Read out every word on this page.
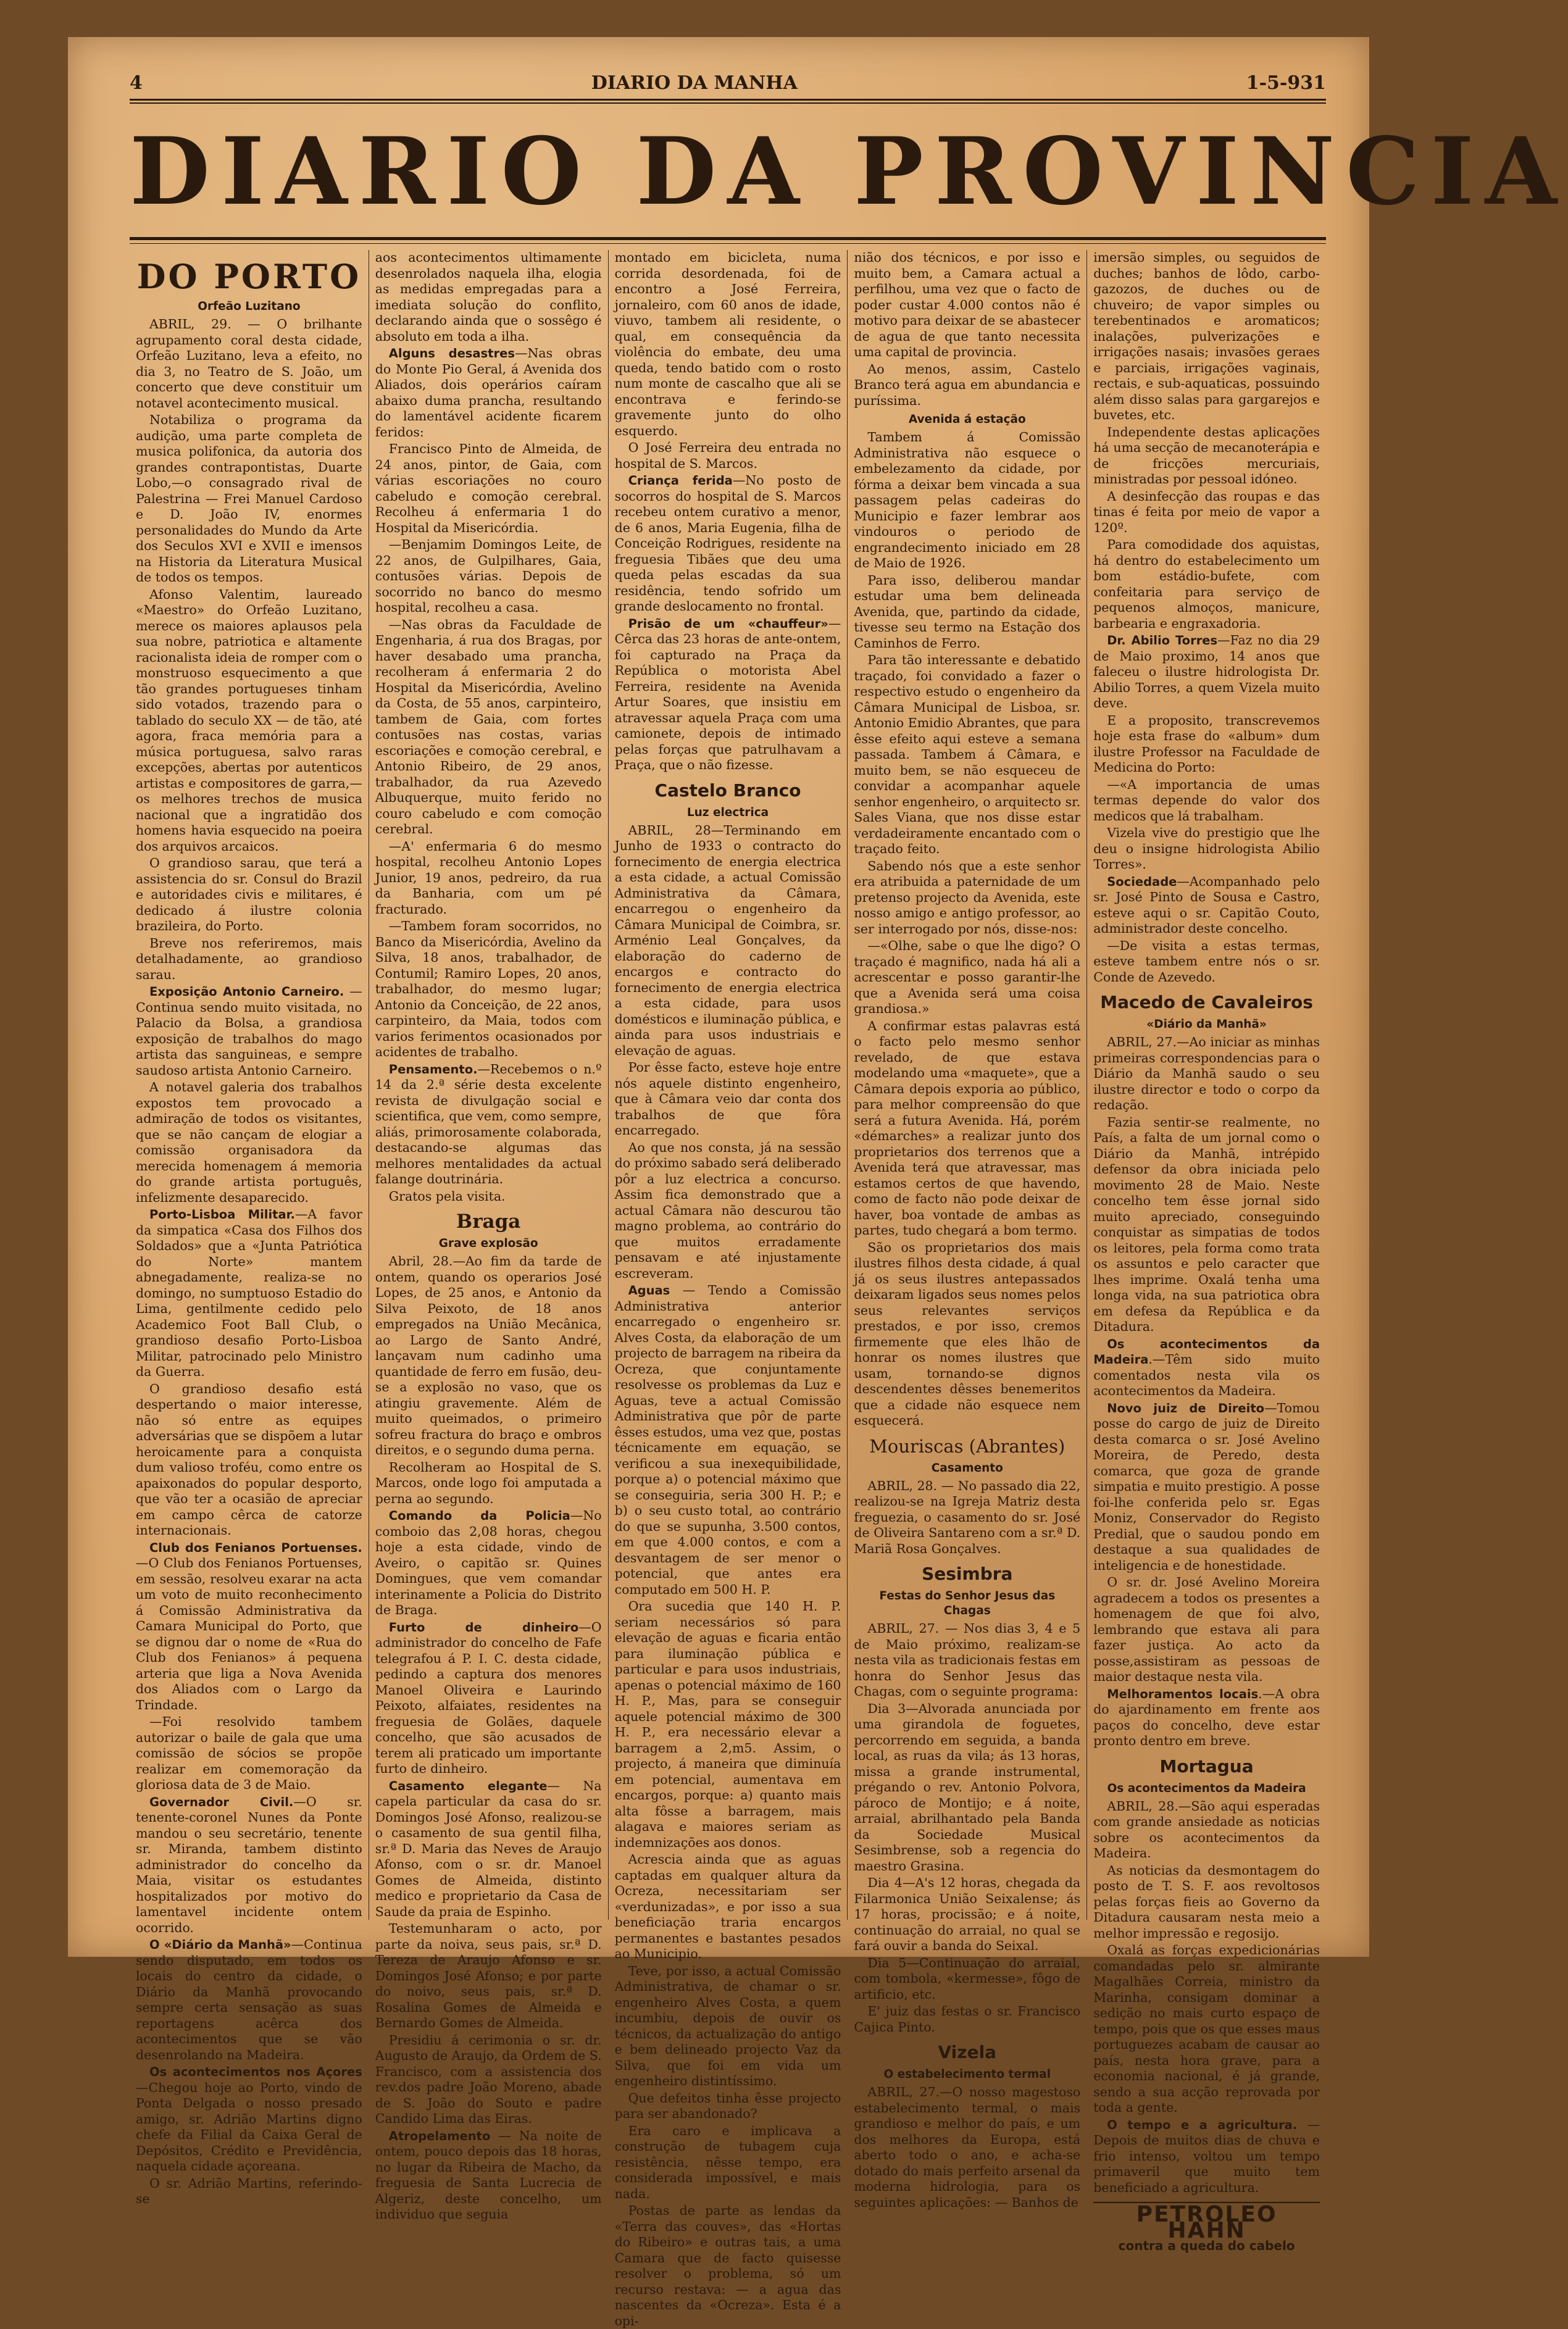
4	DIARIO DA MANHA	1-5-931
DIARIO DA PROVINCIA
DO PORTO
Orfeão Luzitano

ABRIL, 29. — O brilhante agrupamento coral desta cidade, Orfeão Luzitano, leva a efeito, no dia 3, no Teatro de S. João, um concerto que deve constituir um notavel acontecimento musical.

Notabiliza o programa da audição, uma parte completa de musica polifonica, da autoria dos grandes contrapontistas, Duarte Lobo,—o consagrado rival de Palestrina — Frei Manuel Cardoso e D. João IV, enormes personalidades do Mundo da Arte dos Seculos XVI e XVII e imensos na Historia da Literatura Musical de todos os tempos.

Afonso Valentim, laureado «Maestro» do Orfeão Luzitano, merece os maiores aplausos pela sua nobre, patriotica e altamente racionalista ideia de romper com o monstruoso esquecimento a que tão grandes portugueses tinham sido votados, trazendo para o tablado do seculo XX — de tão, até agora, fraca memória para a música portuguesa, salvo raras excepções, abertas por autenticos artistas e compositores de garra,—os melhores trechos de musica nacional que a ingratidão dos homens havia esquecido na poeira dos arquivos arcaicos.

O grandioso sarau, que terá a assistencia do sr. Consul do Brazil e autoridades civis e militares, é dedicado á ilustre colonia brazileira, do Porto.

Breve nos referiremos, mais detalhadamente, ao grandioso sarau.

Exposição Antonio Carneiro. — Continua sendo muito visitada, no Palacio da Bolsa, a grandiosa exposição de trabalhos do mago artista das sanguineas, e sempre saudoso artista Antonio Carneiro.

A notavel galeria dos trabalhos expostos tem provocado a admiração de todos os visitantes, que se não cançam de elogiar a comissão organisadora da merecida homenagem á memoria do grande artista português, infelizmente desaparecido.

Porto-Lisboa Militar.—A favor da simpatica «Casa dos Filhos dos Soldados» que a «Junta Patriótica do Norte» mantem abnegadamente, realiza-se no domingo, no sumptuoso Estadio do Lima, gentilmente cedido pelo Academico Foot Ball Club, o grandioso desafio Porto-Lisboa Militar, patrocinado pelo Ministro da Guerra.

O grandioso desafio está despertando o maior interesse, não só entre as equipes adversárias que se dispõem a lutar heroicamente para a conquista dum valioso troféu, como entre os apaixonados do popular desporto, que vão ter a ocasião de apreciar em campo cêrca de catorze internacionais.

Club dos Fenianos Portuenses.—O Club dos Fenianos Portuenses, em sessão, resolveu exarar na acta um voto de muito reconhecimento á Comissão Administrativa da Camara Municipal do Porto, que se dignou dar o nome de «Rua do Club dos Fenianos» á pequena arteria que liga a Nova Avenida dos Aliados com o Largo da Trindade.

—Foi resolvido tambem autorizar o baile de gala que uma comissão de sócios se propõe realizar em comemoração da gloriosa data de 3 de Maio.

Governador Civil.—O sr. tenente-coronel Nunes da Ponte mandou o seu secretário, tenente sr. Miranda, tambem distinto administrador do concelho da Maia, visitar os estudantes hospitalizados por motivo do lamentavel incidente ontem ocorrido.

O «Diário da Manhã»—Continua sendo disputado, em todos os locais do centro da cidade, o Diário da Manhã provocando sempre certa sensação as suas reportagens acêrca dos acontecimentos que se vão desenrolando na Madeira.

Os acontecimentos nos Açores—Chegou hoje ao Porto, vindo de Ponta Delgada o nosso presado amigo, sr. Adrião Martins digno chefe da Filial da Caixa Geral de Depósitos, Crédito e Previdência, naquela cidade açoreana.

O sr. Adrião Martins, referindo-se

aos acontecimentos ultimamente desenrolados naquela ilha, elogia as medidas empregadas para a imediata solução do conflito, declarando ainda que o sossêgo é absoluto em toda a ilha.

Alguns desastres—Nas obras do Monte Pio Geral, á Avenida dos Aliados, dois operários caíram abaixo duma prancha, resultando do lamentável acidente ficarem feridos:

Francisco Pinto de Almeida, de 24 anos, pintor, de Gaia, com várias escoriações no couro cabeludo e comoção cerebral. Recolheu á enfermaria 1 do Hospital da Misericórdia.

—Benjamim Domingos Leite, de 22 anos, de Gulpilhares, Gaia, contusões várias. Depois de socorrido no banco do mesmo hospital, recolheu a casa.

—Nas obras da Faculdade de Engenharia, á rua dos Bragas, por haver desabado uma prancha, recolheram á enfermaria 2 do Hospital da Misericórdia, Avelino da Costa, de 55 anos, carpinteiro, tambem de Gaia, com fortes contusões nas costas, varias escoriações e comoção cerebral, e Antonio Ribeiro, de 29 anos, trabalhador, da rua Azevedo Albuquerque, muito ferido no couro cabeludo e com comoção cerebral.

—A' enfermaria 6 do mesmo hospital, recolheu Antonio Lopes Junior, 19 anos, pedreiro, da rua da Banharia, com um pé fracturado.

—Tambem foram socorridos, no Banco da Misericórdia, Avelino da Silva, 18 anos, trabalhador, de Contumil; Ramiro Lopes, 20 anos, trabalhador, do mesmo lugar; Antonio da Conceição, de 22 anos, carpinteiro, da Maia, todos com varios ferimentos ocasionados por acidentes de trabalho.

Pensamento.—Recebemos o n.º 14 da 2.ª série desta excelente revista de divulgação social e scientifica, que vem, como sempre, aliás, primorosamente colaborada, destacando-se algumas das melhores mentalidades da actual falange doutrinária.

Gratos pela visita.

Braga
Grave explosão

Abril, 28.—Ao fim da tarde de ontem, quando os operarios José Lopes, de 25 anos, e Antonio da Silva Peixoto, de 18 anos empregados na União Mecânica, ao Largo de Santo André, lançavam num cadinho uma quantidade de ferro em fusão, deu-se a explosão no vaso, que os atingiu gravemente. Além de muito queimados, o primeiro sofreu fractura do braço e ombros direitos, e o segundo duma perna.

Recolheram ao Hospital de S. Marcos, onde logo foi amputada a perna ao segundo.

Comando da Policia—No comboio das 2,08 horas, chegou hoje a esta cidade, vindo de Aveiro, o capitão sr. Quines Domingues, que vem comandar interinamente a Policia do Distrito de Braga.

Furto de dinheiro—O administrador do concelho de Fafe telegrafou á P. I. C. desta cidade, pedindo a captura dos menores Manoel Oliveira e Laurindo Peixoto, alfaiates, residentes na freguesia de Golães, daquele concelho, que são acusados de terem ali praticado um importante furto de dinheiro.

Casamento elegante— Na capela particular da casa do sr. Domingos José Afonso, realizou-se o casamento de sua gentil filha, sr.ª D. Maria das Neves de Araujo Afonso, com o sr. dr. Manoel Gomes de Almeida, distinto medico e proprietario da Casa de Saude da praia de Espinho.

Testemunharam o acto, por parte da noiva, seus pais, sr.ª D. Tereza de Araujo Afonso e sr. Domingos José Afonso; e por parte do noivo, seus pais, sr.ª D. Rosalina Gomes de Almeida e Bernardo Gomes de Almeida.

Presidiu á cerimonia o sr. dr. Augusto de Araujo, da Ordem de S. Francisco, com a assistencia dos rev.dos padre João Moreno, abade de S. João do Souto e padre Candido Lima das Eiras.

Atropelamento — Na noite de ontem, pouco depois das 18 horas, no lugar da Ribeira de Macho, da freguesia de Santa Lucrecia de Algeriz, deste concelho, um individuo que seguia

montado em bicicleta, numa corrida desordenada, foi de encontro a José Ferreira, jornaleiro, com 60 anos de idade, viuvo, tambem ali residente, o qual, em consequência da violência do embate, deu uma queda, tendo batido com o rosto num monte de cascalho que ali se encontrava e ferindo-se gravemente junto do olho esquerdo.

O José Ferreira deu entrada no hospital de S. Marcos.

Criança ferida—No posto de socorros do hospital de S. Marcos recebeu ontem curativo a menor, de 6 anos, Maria Eugenia, filha de Conceição Rodrigues, residente na freguesia Tibães que deu uma queda pelas escadas da sua residência, tendo sofrido um grande deslocamento no frontal.

Prisão de um «chauffeur»—Cêrca das 23 horas de ante-ontem, foi capturado na Praça da República o motorista Abel Ferreira, residente na Avenida Artur Soares, que insistiu em atravessar aquela Praça com uma camionete, depois de intimado pelas forças que patrulhavam a Praça, que o não fizesse.

Castelo Branco
Luz electrica

ABRIL, 28—Terminando em Junho de 1933 o contracto do fornecimento de energia electrica a esta cidade, a actual Comissão Administrativa da Câmara, encarregou o engenheiro da Câmara Municipal de Coimbra, sr. Arménio Leal Gonçalves, da elaboração do caderno de encargos e contracto do fornecimento de energia electrica a esta cidade, para usos domésticos e iluminação pública, e ainda para usos industriais e elevação de aguas.

Por êsse facto, esteve hoje entre nós aquele distinto engenheiro, que à Câmara veio dar conta dos trabalhos de que fôra encarregado.

Ao que nos consta, já na sessão do próximo sabado será deliberado pôr a luz electrica a concurso. Assim fica demonstrado que a actual Câmara não descurou tão magno problema, ao contrário do que muitos erradamente pensavam e até injustamente escreveram.

Aguas — Tendo a Comissão Administrativa anterior encarregado o engenheiro sr. Alves Costa, da elaboração de um projecto de barragem na ribeira da Ocreza, que conjuntamente resolvesse os problemas da Luz e Aguas, teve a actual Comissão Administrativa que pôr de parte êsses estudos, uma vez que, postas técnicamente em equação, se verificou a sua inexequibilidade, porque a) o potencial máximo que se conseguiria, seria 300 H. P.; e b) o seu custo total, ao contrário do que se supunha, 3.500 contos, em que 4.000 contos, e com a desvantagem de ser menor o potencial, que antes era computado em 500 H. P.

Ora sucedia que 140 H. P. seriam necessários só para elevação de aguas e ficaria então para iluminação pública e particular e para usos industriais, apenas o potencial máximo de 160 H. P., Mas, para se conseguir aquele potencial máximo de 300 H. P., era necessário elevar a barragem a 2,m5. Assim, o projecto, á maneira que diminuía em potencial, aumentava em encargos, porque: a) quanto mais alta fôsse a barragem, mais alagava e maiores seriam as indemnizações aos donos.

Acrescia ainda que as aguas captadas em qualquer altura da Ocreza, necessitariam ser «verdunizadas», e por isso a sua beneficiação traria encargos permanentes e bastantes pesados ao Municipio.

Teve, por isso, a actual Comissão Administrativa, de chamar o sr. engenheiro Alves Costa, a quem incumbiu, depois de ouvir os técnicos, da actualização do antigo e bem delineado projecto Vaz da Silva, que foi em vida um engenheiro distintíssimo.

Que defeitos tinha êsse projecto para ser abandonado?

Era caro e implicava a construção de tubagem cuja resistência, nêsse tempo, era considerada impossível, e mais nada.

Postas de parte as lendas da «Terra das couves», das «Hortas do Ribeiro» e outras tais, a uma Camara que de facto quisesse resolver o problema, só um recurso restava: — a agua das nascentes da «Ocreza». Esta é a opi-

nião dos técnicos, e por isso e muito bem, a Camara actual a perfilhou, uma vez que o facto de poder custar 4.000 contos não é motivo para deixar de se abastecer de agua de que tanto necessita uma capital de provincia.

Ao menos, assim, Castelo Branco terá agua em abundancia e puríssima.

Avenida á estação

Tambem á Comissão Administrativa não esquece o embelezamento da cidade, por fórma a deixar bem vincada a sua passagem pelas cadeiras do Municipio e fazer lembrar aos vindouros o periodo de engrandecimento iniciado em 28 de Maio de 1926.

Para isso, deliberou mandar estudar uma bem delineada Avenida, que, partindo da cidade, tivesse seu termo na Estação dos Caminhos de Ferro.

Para tão interessante e debatido traçado, foi convidado a fazer o respectivo estudo o engenheiro da Câmara Municipal de Lisboa, sr. Antonio Emidio Abrantes, que para êsse efeito aqui esteve a semana passada. Tambem á Câmara, e muito bem, se não esqueceu de convidar a acompanhar aquele senhor engenheiro, o arquitecto sr. Sales Viana, que nos disse estar verdadeiramente encantado com o traçado feito.

Sabendo nós que a este senhor era atribuida a paternidade de um pretenso projecto da Avenida, este nosso amigo e antigo professor, ao ser interrogado por nós, disse-nos:

—«Olhe, sabe o que lhe digo? O traçado é magnifico, nada há ali a acrescentar e posso garantir-lhe que a Avenida será uma coisa grandiosa.»

A confirmar estas palavras está o facto pelo mesmo senhor revelado, de que estava modelando uma «maquete», que a Câmara depois exporia ao público, para melhor compreensão do que será a futura Avenida. Há, porém «démarches» a realizar junto dos proprietarios dos terrenos que a Avenida terá que atravessar, mas estamos certos de que havendo, como de facto não pode deixar de haver, boa vontade de ambas as partes, tudo chegará a bom termo.

São os proprietarios dos mais ilustres filhos desta cidade, á qual já os seus ilustres antepassados deixaram ligados seus nomes pelos seus relevantes serviços prestados, e por isso, cremos firmemente que eles lhão de honrar os nomes ilustres que usam, tornando-se dignos descendentes dêsses benemeritos que a cidade não esquece nem esquecerá.

Mouriscas (Abrantes)
Casamento

ABRIL, 28. — No passado dia 22, realizou-se na Igreja Matriz desta freguezia, o casamento do sr. José de Oliveira Santareno com a sr.ª D. Mariã Rosa Gonçalves.

Sesimbra
Festas do Senhor Jesus das Chagas

ABRIL, 27. — Nos dias 3, 4 e 5 de Maio próximo, realizam-se nesta vila as tradicionais festas em honra do Senhor Jesus das Chagas, com o seguinte programa:

Dia 3—Alvorada anunciada por uma girandola de foguetes, percorrendo em seguida, a banda local, as ruas da vila; ás 13 horas, missa a grande instrumental, prégando o rev. Antonio Polvora, pároco de Montijo; e á noite, arraial, abrilhantado pela Banda da Sociedade Musical Sesimbrense, sob a regencia do maestro Grasina.

Dia 4—A's 12 horas, chegada da Filarmonica União Seixalense; ás 17 horas, procissão; e á noite, continuação do arraial, no qual se fará ouvir a banda do Seixal.

Dia 5—Continuação do arraial, com tombola, «kermesse», fôgo de artificio, etc.

E' juiz das festas o sr. Francisco Cajica Pinto.

Vizela
O estabelecimento termal

ABRIL, 27.—O nosso magestoso estabelecimento termal, o mais grandioso e melhor do país, e um dos melhores da Europa, está aberto todo o ano, e acha-se dotado do mais perfeito arsenal da moderna hidrologia, para os seguintes aplicações: — Banhos de

imersão simples, ou seguidos de duches; banhos de lôdo, carbo-gazozos, de duches ou de chuveiro; de vapor simples ou terebentinados e aromaticos; inalações, pulverizações e irrigações nasais; invasões geraes e parciais, irrigações vaginais, rectais, e sub-aquaticas, possuindo além disso salas para gargarejos e buvetes, etc.

Independente destas aplicações há uma secção de mecanoterápia e de fricções mercuriais, ministradas por pessoal idóneo.

A desinfecção das roupas e das tinas é feita por meio de vapor a 120º.

Para comodidade dos aquistas, há dentro do estabelecimento um bom estádio-bufete, com confeitaria para serviço de pequenos almoços, manicure, barbearia e engraxadoria.

Dr. Abilio Torres—Faz no dia 29 de Maio proximo, 14 anos que faleceu o ilustre hidrologista Dr. Abilio Torres, a quem Vizela muito deve.

E a proposito, transcrevemos hoje esta frase do «album» dum ilustre Professor na Faculdade de Medicina do Porto:

—«A importancia de umas termas depende do valor dos medicos que lá trabalham.

Vizela vive do prestigio que lhe deu o insigne hidrologista Abilio Torres».

Sociedade—Acompanhado pelo sr. José Pinto de Sousa e Castro, esteve aqui o sr. Capitão Couto, administrador deste concelho.

—De visita a estas termas, esteve tambem entre nós o sr. Conde de Azevedo.

Macedo de Cavaleiros
«Diário da Manhã»

ABRIL, 27.—Ao iniciar as minhas primeiras correspondencias para o Diário da Manhã saudo o seu ilustre director e todo o corpo da redação.

Fazia sentir-se realmente, no País, a falta de um jornal como o Diário da Manhã, intrépido defensor da obra iniciada pelo movimento 28 de Maio. Neste concelho tem êsse jornal sido muito apreciado, conseguindo conquistar as simpatias de todos os leitores, pela forma como trata os assuntos e pelo caracter que lhes imprime. Oxalá tenha uma longa vida, na sua patriotica obra em defesa da República e da Ditadura.

Os acontecimentos da Madeira.—Têm sido muito comentados nesta vila os acontecimentos da Madeira.

Novo juiz de Direito—Tomou posse do cargo de juiz de Direito desta comarca o sr. José Avelino Moreira, de Peredo, desta comarca, que goza de grande simpatia e muito prestigio. A posse foi-lhe conferida pelo sr. Egas Moniz, Conservador do Registo Predial, que o saudou pondo em destaque a sua qualidades de inteligencia e de honestidade.

O sr. dr. José Avelino Moreira agradecem a todos os presentes a homenagem de que foi alvo, lembrando que estava ali para fazer justiça. Ao acto da posse,assistiram as pessoas de maior destaque nesta vila.

Melhoramentos locais.—A obra do ajardinamento em frente aos paços do concelho, deve estar pronto dentro em breve.

Mortagua
Os acontecimentos da Madeira

ABRIL, 28.—São aqui esperadas com grande ansiedade as noticias sobre os acontecimentos da Madeira.

As noticias da desmontagem do posto de T. S. F. aos revoltosos pelas forças fieis ao Governo da Ditadura causaram nesta meio a melhor impressão e regosijo.

Oxalá as forças expedicionárias comandadas pelo sr. almirante Magalhães Correia, ministro da Marinha, consigam dominar a sedição no mais curto espaço de tempo, pois que os que esses maus portuguezes acabam de causar ao país, nesta hora grave, para a economia nacional, é já grande, sendo a sua acção reprovada por toda a gente.

O tempo e a agricultura. — Depois de muitos dias de chuva e frio intenso, voltou um tempo primaveril que muito tem beneficiado a agricultura.

PETROLEO HAHN
contra a queda do cabelo
